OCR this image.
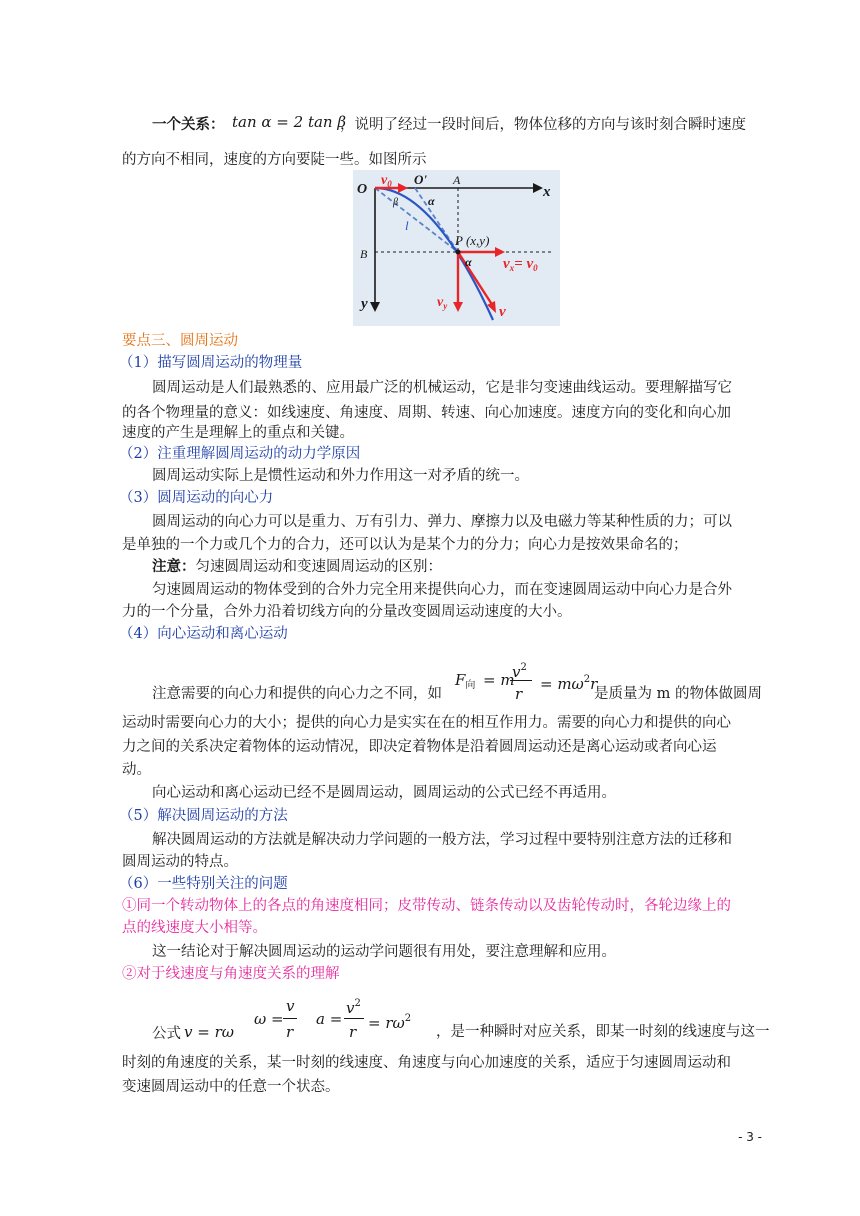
一个关系： tan α = 2 tan β
，说明了经过一段时间后，物体位移的方向与该时刻合瞬时速度
的方向不相同，速度的方向要陡一些。如图所示
O
$v_0$ O' A
x
β	α
l
P (x,y)
B
α $v_x= v_0$
y	$v_y$	v
要点三、圆周运动
（1）描写圆周运动的物理量
圆周运动是人们最熟悉的、应用最广泛的机械运动，它是非匀变速曲线运动。要理解描写它
的各个物理量的意义：如线速度、角速度、周期、转速、向心加速度。速度方向的变化和向心加
速度的产生是理解上的重点和关键。
（2）注重理解圆周运动的动力学原因
圆周运动实际上是惯性运动和外力作用这一对矛盾的统一。
（3）圆周运动的向心力
圆周运动的向心力可以是重力、万有引力、弹力、摩擦力以及电磁力等某种性质的力；可以
是单独的一个力或几个力的合力，还可以认为是某个力的分力；向心力是按效果命名的；
注意：匀速圆周运动和变速圆周运动的区别：
匀速圆周运动的物体受到的合外力完全用来提供向心力，而在变速圆周运动中向心力是合外
力的一个分量，合外力沿着切线方向的分量改变圆周运动速度的大小。
（4）向心运动和离心运动
$F_向 = m$
$v^2$
r
= $m\omega^2r$
注意需要的向心力和提供的向心力之不同，如	是质量为 m 的物体做圆周
运动时需要向心力的大小；提供的向心力是实实在在的相互作用力。需要的向心力和提供的向心
力之间的关系决定着物体的运动情况，即决定着物体是沿着圆周运动还是离心运动或者向心运
动。
向心运动和离心运动已经不是圆周运动，圆周运动的公式已经不再适用。
（5）解决圆周运动的方法
解决圆周运动的方法就是解决动力学问题的一般方法，学习过程中要特别注意方法的迁移和
圆周运动的特点。
（6）一些特别关注的问题
①同一个转动物体上的各点的角速度相同；皮带传动、链条传动以及齿轮传动时，各轮边缘上的
点的线速度大小相等。
这一结论对于解决圆周运动的运动学问题很有用处，要注意理解和应用。
②对于线速度与角速度关系的理解
公式 v = rω
ω =
v
r
a =
$v^2$
$r = r\omega^2$
，是一种瞬时对应关系，即某一时刻的线速度与这一
时刻的角速度的关系，某一时刻的线速度、角速度与向心加速度的关系，适应于匀速圆周运动和
变速圆周运动中的任意一个状态。
- 3 -
